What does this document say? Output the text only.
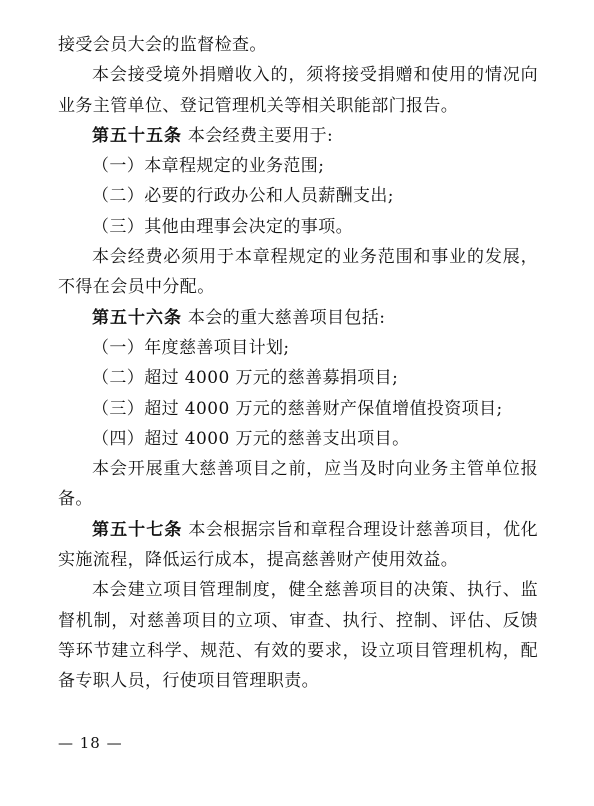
接受会员大会的监督检查。

本会接受境外捐赠收入的，须将接受捐赠和使用的情况向业务主管单位、登记管理机关等相关职能部门报告。

第五十五条 本会经费主要用于:

（一）本章程规定的业务范围;

（二）必要的行政办公和人员薪酬支出;

（三）其他由理事会决定的事项。

本会经费必须用于本章程规定的业务范围和事业的发展，不得在会员中分配。

第五十六条 本会的重大慈善项目包括:

（一）年度慈善项目计划;

（二）超过 4000 万元的慈善募捐项目;

（三）超过 4000 万元的慈善财产保值增值投资项目;

（四）超过 4000 万元的慈善支出项目。

本会开展重大慈善项目之前，应当及时向业务主管单位报备。

第五十七条 本会根据宗旨和章程合理设计慈善项目，优化实施流程，降低运行成本，提高慈善财产使用效益。

本会建立项目管理制度，健全慈善项目的决策、执行、监督机制，对慈善项目的立项、审查、执行、控制、评估、反馈等环节建立科学、规范、有效的要求，设立项目管理机构，配备专职人员，行使项目管理职责。

— 18 —
